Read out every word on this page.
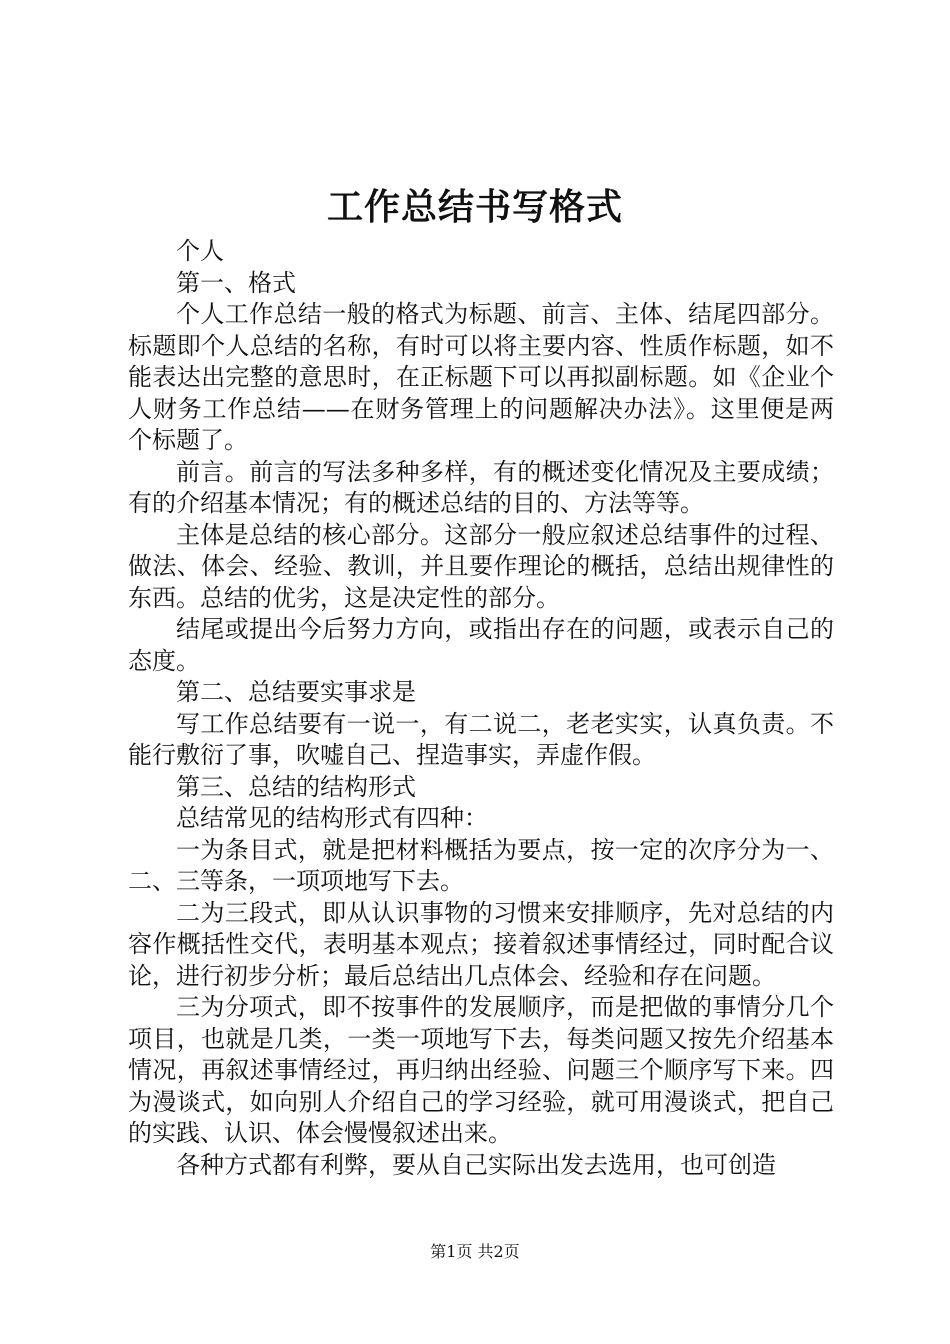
工作总结书写格式

个人

第一、格式

个人工作总结一般的格式为标题、前言、主体、结尾四部分。标题即个人总结的名称，有时可以将主要内容、性质作标题，如不能表达出完整的意思时，在正标题下可以再拟副标题。如《企业个人财务工作总结——在财务管理上的问题解决办法》。这里便是两个标题了。

前言。前言的写法多种多样，有的概述变化情况及主要成绩；有的介绍基本情况；有的概述总结的目的、方法等等。

主体是总结的核心部分。这部分一般应叙述总结事件的过程、做法、体会、经验、教训，并且要作理论的概括，总结出规律性的东西。总结的优劣，这是决定性的部分。

结尾或提出今后努力方向，或指出存在的问题，或表示自己的态度。

第二、总结要实事求是

写工作总结要有一说一，有二说二，老老实实，认真负责。不能行敷衍了事，吹嘘自己、捏造事实，弄虚作假。

第三、总结的结构形式

总结常见的结构形式有四种：

一为条目式，就是把材料概括为要点，按一定的次序分为一、二、三等条，一项项地写下去。

二为三段式，即从认识事物的习惯来安排顺序，先对总结的内容作概括性交代，表明基本观点；接着叙述事情经过，同时配合议论，进行初步分析；最后总结出几点体会、经验和存在问题。

三为分项式，即不按事件的发展顺序，而是把做的事情分几个项目，也就是几类，一类一项地写下去，每类问题又按先介绍基本情况，再叙述事情经过，再归纳出经验、问题三个顺序写下来。四为漫谈式，如向别人介绍自己的学习经验，就可用漫谈式，把自己的实践、认识、体会慢慢叙述出来。

各种方式都有利弊，要从自己实际出发去选用，也可创造

第1页 共2页
